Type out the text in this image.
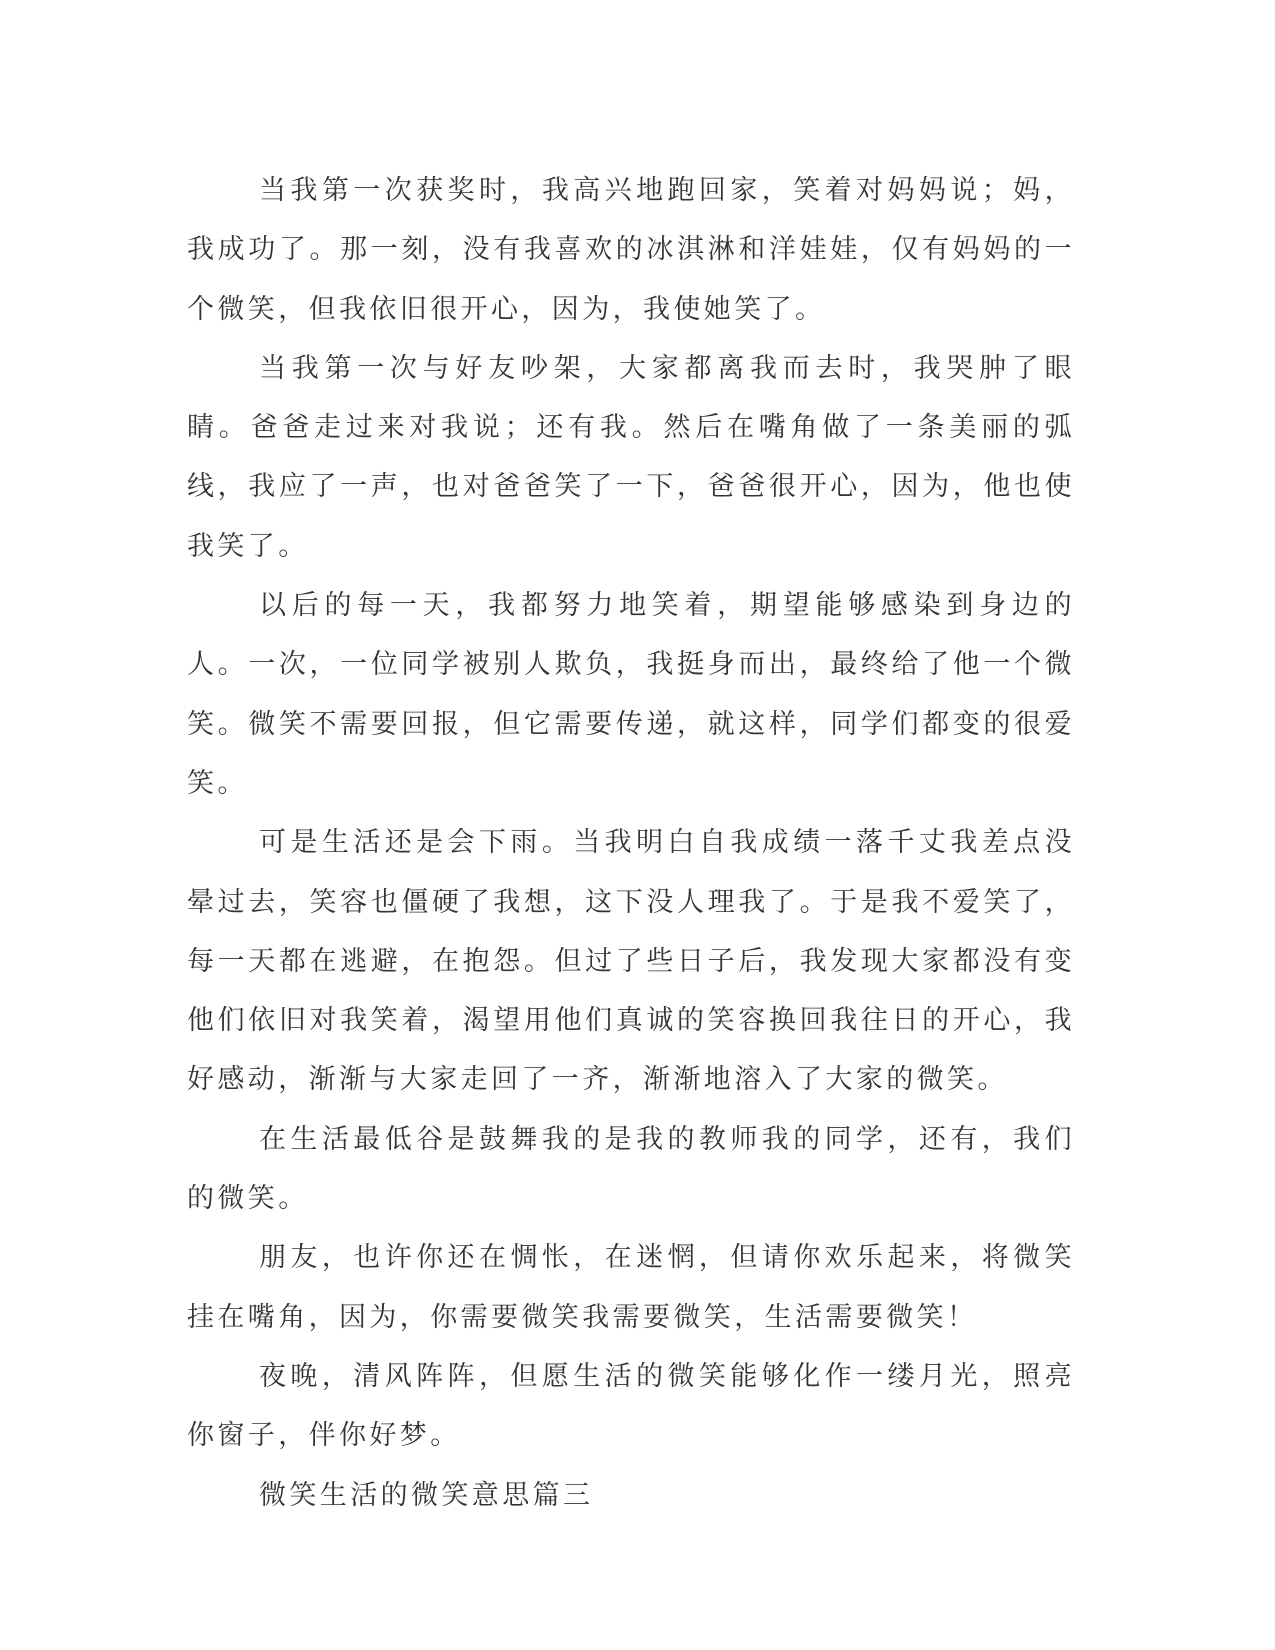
当我第一次获奖时，我高兴地跑回家，笑着对妈妈说；妈，我成功了。那一刻，没有我喜欢的冰淇淋和洋娃娃，仅有妈妈的一个微笑，但我依旧很开心，因为，我使她笑了。

当我第一次与好友吵架，大家都离我而去时，我哭肿了眼睛。爸爸走过来对我说；还有我。然后在嘴角做了一条美丽的弧线，我应了一声，也对爸爸笑了一下，爸爸很开心，因为，他也使我笑了。

以后的每一天，我都努力地笑着，期望能够感染到身边的人。一次，一位同学被别人欺负，我挺身而出，最终给了他一个微笑。微笑不需要回报，但它需要传递，就这样，同学们都变的很爱笑。

可是生活还是会下雨。当我明白自我成绩一落千丈我差点没晕过去，笑容也僵硬了我想，这下没人理我了。于是我不爱笑了，每一天都在逃避，在抱怨。但过了些日子后，我发现大家都没有变他们依旧对我笑着，渴望用他们真诚的笑容换回我往日的开心，我好感动，渐渐与大家走回了一齐，渐渐地溶入了大家的微笑。

在生活最低谷是鼓舞我的是我的教师我的同学，还有，我们的微笑。

朋友，也许你还在惆怅，在迷惘，但请你欢乐起来，将微笑挂在嘴角，因为，你需要微笑我需要微笑，生活需要微笑！

夜晚，清风阵阵，但愿生活的微笑能够化作一缕月光，照亮你窗子，伴你好梦。

微笑生活的微笑意思篇三
